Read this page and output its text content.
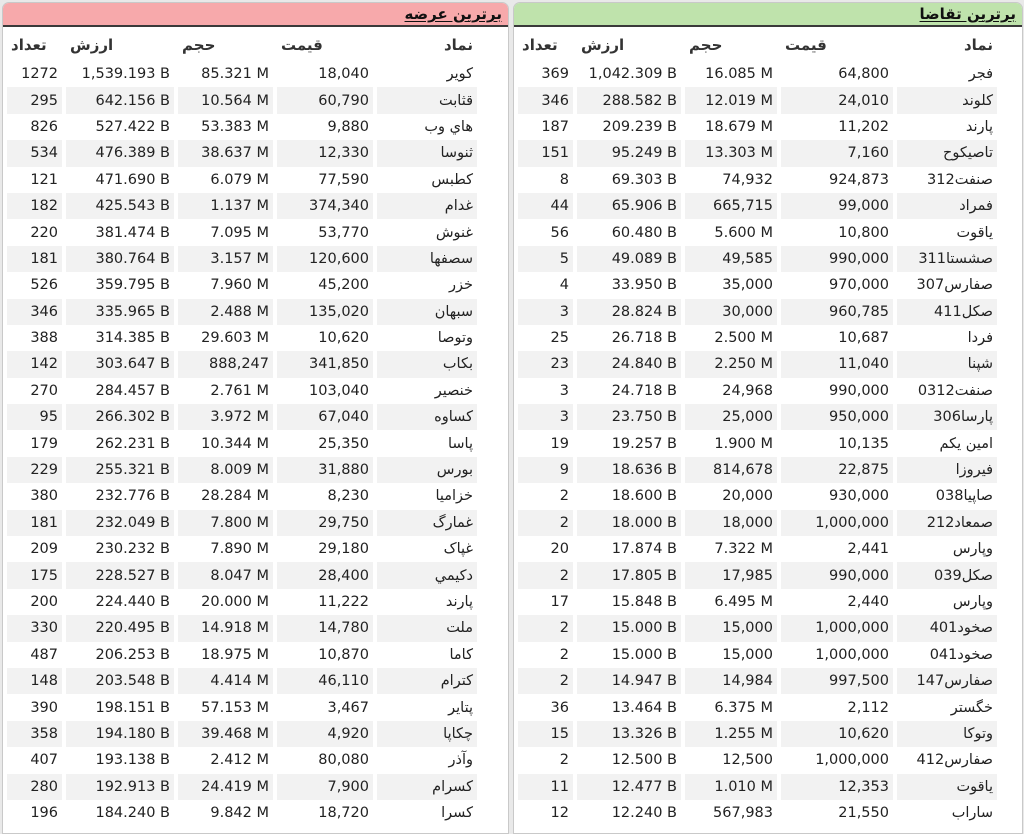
برترین عرضه
نماد	قیمت	حجم	ارزش	تعداد
کویر	18,040	85.321 M	1,539.193 B	1272
قثابت	60,790	10.564 M	642.156 B	295
هاي وب	9,880	53.383 M	527.422 B	826
ثنوسا	12,330	38.637 M	476.389 B	534
کطبس	77,590	6.079 M	471.690 B	121
غدام	374,340	1.137 M	425.543 B	182
غنوش	53,770	7.095 M	381.474 B	220
سصفها	120,600	3.157 M	380.764 B	181
خزر	45,200	7.960 M	359.795 B	526
سبهان	135,020	2.488 M	335.965 B	346
وتوصا	10,620	29.603 M	314.385 B	388
بکاب	341,850	888,247	303.647 B	142
خنصیر	103,040	2.761 M	284.457 B	270
کساوه	67,040	3.972 M	266.302 B	95
پاسا	25,350	10.344 M	262.231 B	179
بورس	31,880	8.009 M	255.321 B	229
خزامیا	8,230	28.284 M	232.776 B	380
غمارگ	29,750	7.800 M	232.049 B	181
غپاک	29,180	7.890 M	230.232 B	209
دکیمي	28,400	8.047 M	228.527 B	175
پارند	11,222	20.000 M	224.440 B	200
ملت	14,780	14.918 M	220.495 B	330
کاما	10,870	18.975 M	206.253 B	487
کترام	46,110	4.414 M	203.548 B	148
پتایر	3,467	57.153 M	198.151 B	390
چکاپا	4,920	39.468 M	194.180 B	358
وآذر	80,080	2.412 M	193.138 B	407
کسرام	7,900	24.419 M	192.913 B	280
کسرا	18,720	9.842 M	184.240 B	196
برترین تقاضا
نماد	قیمت	حجم	ارزش	تعداد
فجر	64,800	16.085 M	1,042.309 B	369
کلوند	24,010	12.019 M	288.582 B	346
پارند	11,202	18.679 M	209.239 B	187
تاصیکوح	7,160	13.303 M	95.249 B	151
صنفت312	924,873	74,932	69.303 B	8
فمراد	99,000	665,715	65.906 B	44
یاقوت	10,800	5.600 M	60.480 B	56
صشستا311	990,000	49,585	49.089 B	5
صفارس307	970,000	35,000	33.950 B	4
صکل411	960,785	30,000	28.824 B	3
فردا	10,687	2.500 M	26.718 B	25
شپنا	11,040	2.250 M	24.840 B	23
صنفت0312	990,000	24,968	24.718 B	3
پارسا306	950,000	25,000	23.750 B	3
امین یکم	10,135	1.900 M	19.257 B	19
فیروزا	22,875	814,678	18.636 B	9
صاپیا038	930,000	20,000	18.600 B	2
صمعاد212	1,000,000	18,000	18.000 B	2
وپارس	2,441	7.322 M	17.874 B	20
صکل039	990,000	17,985	17.805 B	2
وپارس	2,440	6.495 M	15.848 B	17
صخود401	1,000,000	15,000	15.000 B	2
صخود041	1,000,000	15,000	15.000 B	2
صفارس147	997,500	14,984	14.947 B	2
خگستر	2,112	6.375 M	13.464 B	36
وتوکا	10,620	1.255 M	13.326 B	15
صفارس412	1,000,000	12,500	12.500 B	2
یاقوت	12,353	1.010 M	12.477 B	11
ساراب	21,550	567,983	12.240 B	12
